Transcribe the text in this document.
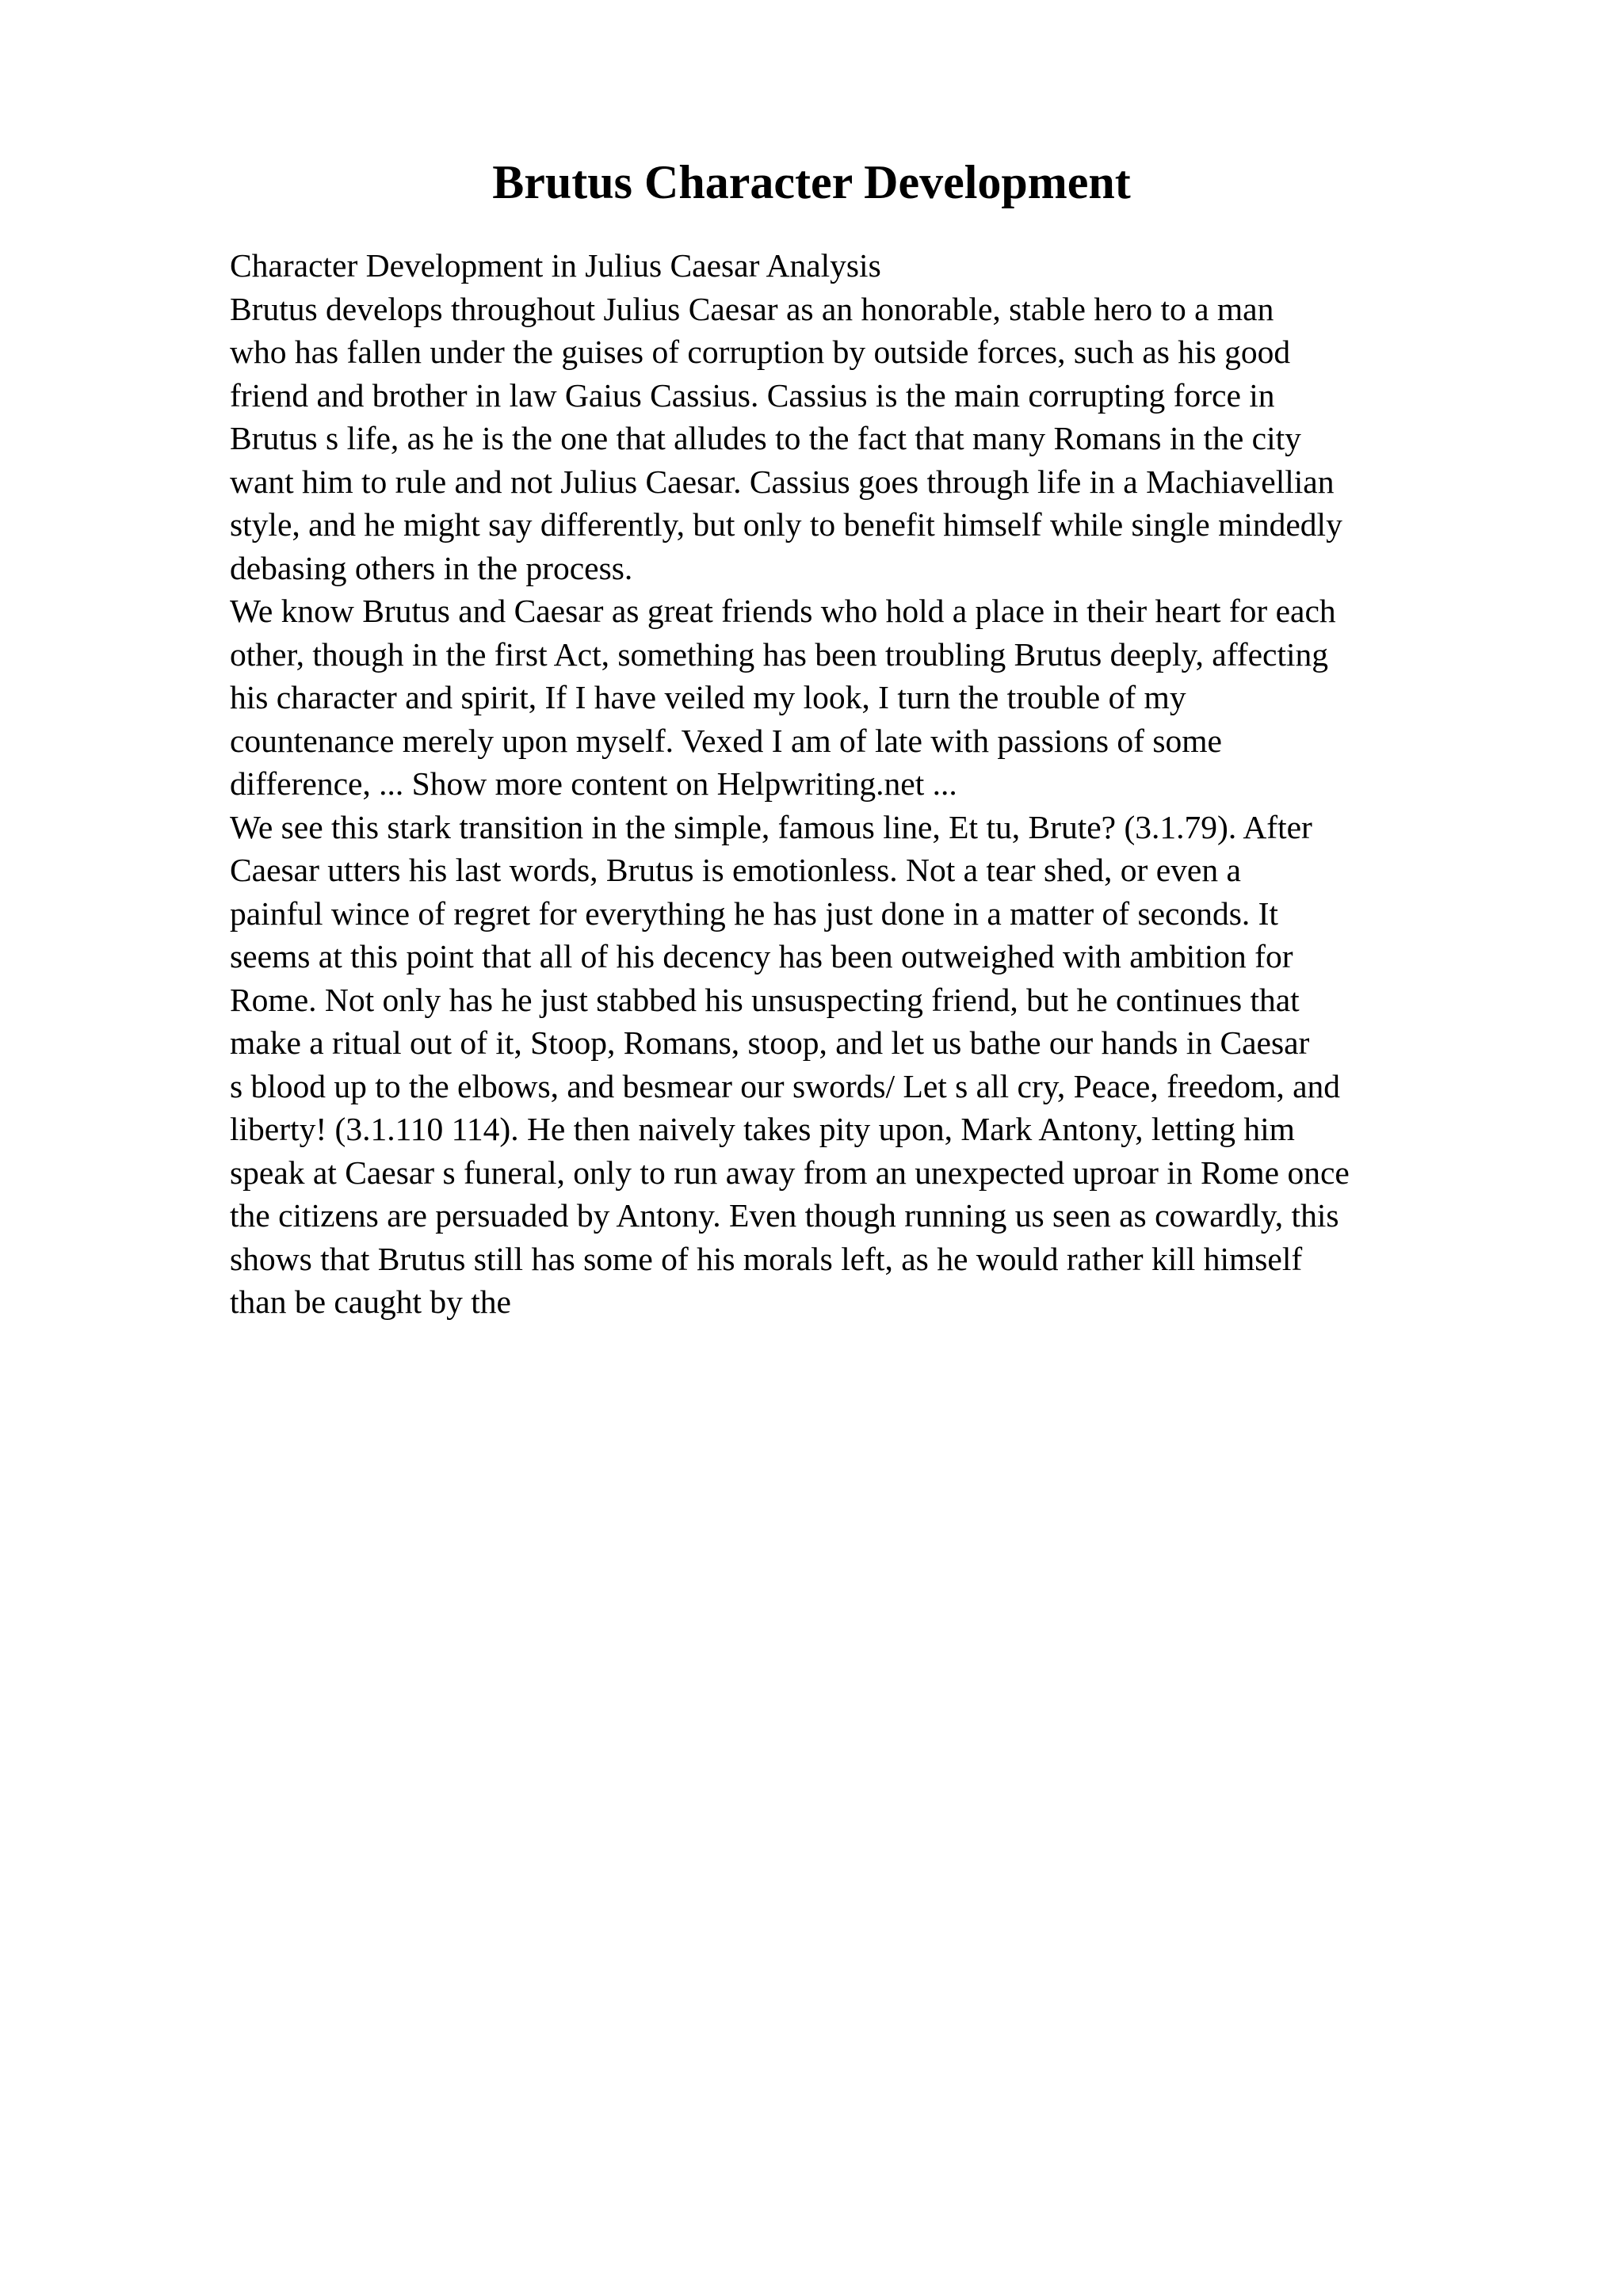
Brutus Character Development

Character Development in Julius Caesar Analysis

Brutus develops throughout Julius Caesar as an honorable, stable hero to a man
who has fallen under the guises of corruption by outside forces, such as his good
friend and brother in law Gaius Cassius. Cassius is the main corrupting force in
Brutus s life, as he is the one that alludes to the fact that many Romans in the city
want him to rule and not Julius Caesar. Cassius goes through life in a Machiavellian
style, and he might say differently, but only to benefit himself while single mindedly
debasing others in the process.

We know Brutus and Caesar as great friends who hold a place in their heart for each
other, though in the first Act, something has been troubling Brutus deeply, affecting
his character and spirit, If I have veiled my look, I turn the trouble of my
countenance merely upon myself. Vexed I am of late with passions of some
difference, ... Show more content on Helpwriting.net ...

We see this stark transition in the simple, famous line, Et tu, Brute? (3.1.79). After
Caesar utters his last words, Brutus is emotionless. Not a tear shed, or even a
painful wince of regret for everything he has just done in a matter of seconds. It
seems at this point that all of his decency has been outweighed with ambition for
Rome. Not only has he just stabbed his unsuspecting friend, but he continues that
make a ritual out of it, Stoop, Romans, stoop, and let us bathe our hands in Caesar
s blood up to the elbows, and besmear our swords/ Let s all cry, Peace, freedom, and
liberty! (3.1.110 114). He then naively takes pity upon, Mark Antony, letting him
speak at Caesar s funeral, only to run away from an unexpected uproar in Rome once
the citizens are persuaded by Antony. Even though running us seen as cowardly, this
shows that Brutus still has some of his morals left, as he would rather kill himself
than be caught by the
